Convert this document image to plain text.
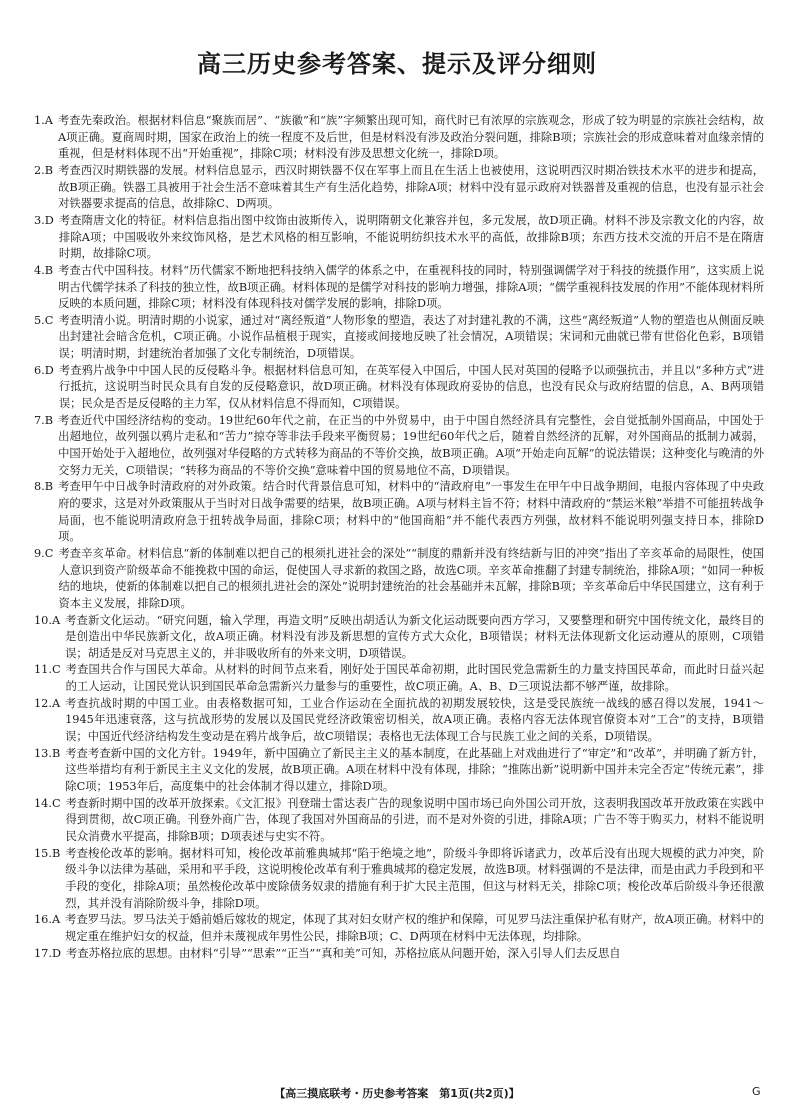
高三历史参考答案、提示及评分细则
1.A 考查先秦政治。根据材料信息“聚族而居”、“族徽”和“族”字频繁出现可知，商代时已有浓厚的宗族观念，形成了较为明显的宗族社会结构，故A项正确。夏商周时期，国家在政治上的统一程度不及后世，但是材料没有涉及政治分裂问题，排除B项；宗族社会的形成意味着对血缘亲情的重视，但是材料体现不出“开始重视”，排除C项；材料没有涉及思想文化统一，排除D项。
2.B 考查西汉时期铁器的发展。材料信息显示，西汉时期铁器不仅在军事上而且在生活上也被使用，这说明西汉时期冶铁技术水平的进步和提高，故B项正确。铁器工具被用于社会生活不意味着其生产有生活化趋势，排除A项；材料中没有显示政府对铁器普及重视的信息，也没有显示社会对铁器要求提高的信息，故排除C、D两项。
3.D 考查隋唐文化的特征。材料信息指出图中纹饰由波斯传入，说明隋朝文化兼容并包，多元发展，故D项正确。材料不涉及宗教文化的内容，故排除A项；中国吸收外来纹饰风格，是艺术风格的相互影响，不能说明纺织技术水平的高低，故排除B项；东西方技术交流的开启不是在隋唐时期，故排除C项。
4.B 考查古代中国科技。材料“历代儒家不断地把科技纳入儒学的体系之中，在重视科技的同时，特别强调儒学对于科技的统摄作用”，这实质上说明古代儒学抹杀了科技的独立性，故B项正确。材料体现的是儒学对科技的影响力增强，排除A项；“儒学重视科技发展的作用”不能体现材料所反映的本质问题，排除C项；材料没有体现科技对儒学发展的影响，排除D项。
5.C 考查明清小说。明清时期的小说家，通过对“离经叛道”人物形象的塑造，表达了对封建礼教的不满，这些“离经叛道”人物的塑造也从侧面反映出封建社会暗含危机，C项正确。小说作品植根于现实，直接或间接地反映了社会情况，A项错误；宋词和元曲就已带有世俗化色彩，B项错误；明清时期，封建统治者加强了文化专制统治，D项错误。
6.D 考查鸦片战争中中国人民的反侵略斗争。根据材料信息可知，在英军侵入中国后，中国人民对英国的侵略予以顽强抗击，并且以“多种方式”进行抵抗，这说明当时民众具有自发的反侵略意识，故D项正确。材料没有体现政府妥协的信息，也没有民众与政府结盟的信息，A、B两项错误；民众是否是反侵略的主力军，仅从材料信息不得而知，C项错误。
7.B 考查近代中国经济结构的变动。19世纪60年代之前，在正当的中外贸易中，由于中国自然经济具有完整性，会自觉抵制外国商品，中国处于出超地位，故列强以鸦片走私和“苦力”掠夺等非法手段来平衡贸易；19世纪60年代之后，随着自然经济的瓦解，对外国商品的抵制力减弱，中国开始处于入超地位，故列强对华侵略的方式转移为商品的不等价交换，故B项正确。A项“开始走向瓦解”的说法错误；这种变化与晚清的外交努力无关，C项错误；“转移为商品的不等价交换”意味着中国的贸易地位不高，D项错误。
8.B 考查甲午中日战争时清政府的对外政策。结合时代背景信息可知，材料中的“清政府电”一事发生在甲午中日战争期间，电报内容体现了中央政府的要求，这是对外政策服从于当时对日战争需要的结果，故B项正确。A项与材料主旨不符；材料中清政府的“禁运米粮”举措不可能扭转战争局面，也不能说明清政府急于扭转战争局面，排除C项；材料中的“他国商船”并不能代表西方列强，故材料不能说明列强支持日本，排除D项。
9.C 考查辛亥革命。材料信息“新的体制难以把自己的根须扎进社会的深处”“制度的鼎新并没有终结新与旧的冲突”指出了辛亥革命的局限性，使国人意识到资产阶级革命不能挽救中国的命运，促使国人寻求新的救国之路，故选C项。辛亥革命推翻了封建专制统治，排除A项；“如同一种板结的地块，使新的体制难以把自己的根须扎进社会的深处”说明封建统治的社会基础并未瓦解，排除B项；辛亥革命后中华民国建立，这有利于资本主义发展，排除D项。
10.A 考查新文化运动。“研究问题，输入学理，再造文明”反映出胡适认为新文化运动既要向西方学习，又要整理和研究中国传统文化，最终目的是创造出中华民族新文化，故A项正确。材料没有涉及新思想的宣传方式大众化，B项错误；材料无法体现新文化运动遵从的原则，C项错误；胡适是反对马克思主义的，并非吸收所有的外来文明，D项错误。
11.C 考查国共合作与国民大革命。从材料的时间节点来看，刚好处于国民革命初期，此时国民党急需新生的力量支持国民革命，而此时日益兴起的工人运动，让国民党认识到国民革命急需新兴力量参与的重要性，故C项正确。A、B、D三项说法都不够严谨，故排除。
12.A 考查抗战时期的中国工业。由表格数据可知，工业合作运动在全面抗战的初期发展较快，这是受民族统一战线的感召得以发展，1941～1945年迅速衰落，这与抗战形势的发展以及国民党经济政策密切相关，故A项正确。表格内容无法体现官僚资本对“工合”的支持，B项错误；中国近代经济结构发生变动是在鸦片战争后，故C项错误；表格也无法体现工合与民族工业之间的关系，D项错误。
13.B 考查考查新中国的文化方针。1949年，新中国确立了新民主主义的基本制度，在此基础上对戏曲进行了“审定”和“改革”，并明确了新方针，这些举措均有利于新民主主义文化的发展，故B项正确。A项在材料中没有体现，排除；“推陈出新”说明新中国并未完全否定“传统元素”，排除C项；1953年后，高度集中的社会体制才得以建立，排除D项。
14.C 考查新时期中国的改革开放探索。《文汇报》刊登瑞士雷达表广告的现象说明中国市场已向外国公司开放，这表明我国改革开放政策在实践中得到贯彻，故C项正确。刊登外商广告，体现了我国对外国商品的引进，而不是对外资的引进，排除A项；广告不等于购买力，材料不能说明民众消费水平提高，排除B项；D项表述与史实不符。
15.B 考查梭伦改革的影响。据材料可知，梭伦改革前雅典城邦“陷于绝境之地”，阶级斗争即将诉诸武力，改革后没有出现大规模的武力冲突，阶级斗争以法律为基础，采用和平手段，这说明梭伦改革有利于雅典城邦的稳定发展，故选B项。材料强调的不是法律，而是由武力手段到和平手段的变化，排除A项；虽然梭伦改革中废除债务奴隶的措施有利于扩大民主范围，但这与材料无关，排除C项；梭伦改革后阶级斗争还很激烈，其并没有消除阶级斗争，排除D项。
16.A 考查罗马法。罗马法关于婚前婚后嫁妆的规定，体现了其对妇女财产权的维护和保障，可见罗马法注重保护私有财产，故A项正确。材料中的规定重在维护妇女的权益，但并未蔑视成年男性公民，排除B项；C、D两项在材料中无法体现，均排除。
17.D 考查苏格拉底的思想。由材料“引导”“思索”“正当”“真和美”可知，苏格拉底从问题开始，深入引导人们去反思自
【高三摸底联考・历史参考答案　第1页(共2页)】	G
